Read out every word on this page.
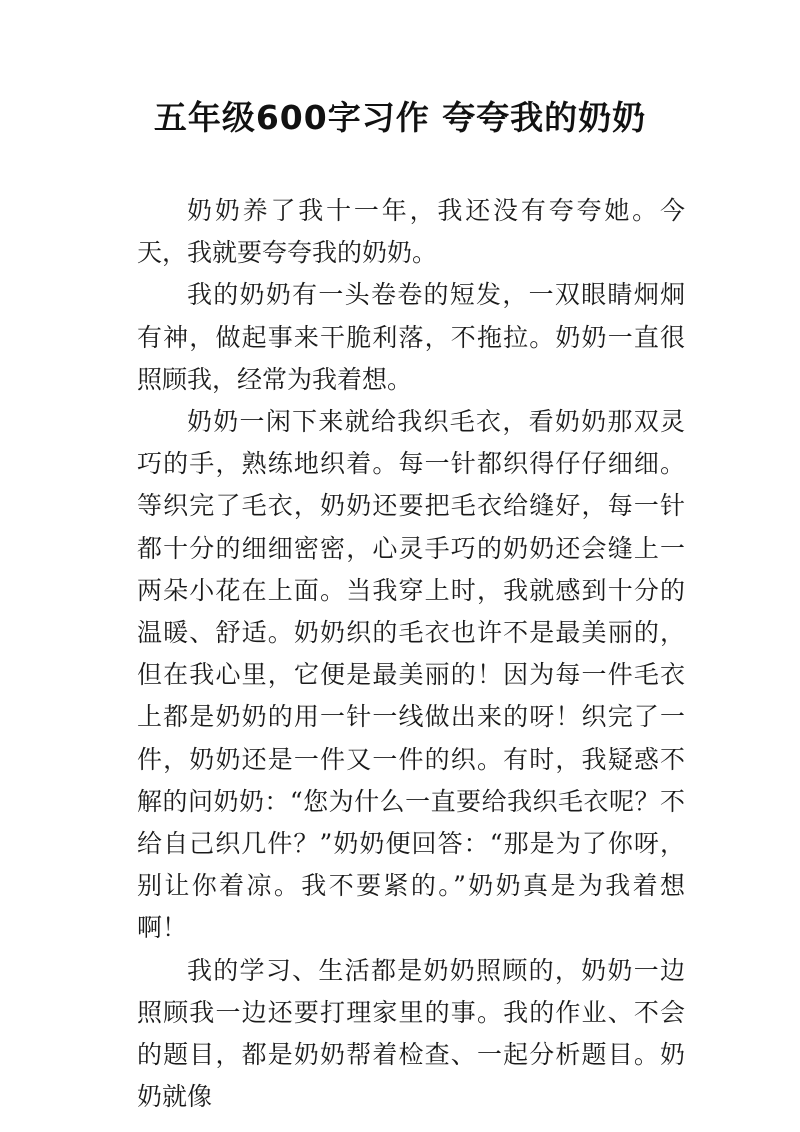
五年级600字习作 夸夸我的奶奶

奶奶养了我十一年，我还没有夸夸她。今天，我就要夸夸我的奶奶。

我的奶奶有一头卷卷的短发，一双眼睛炯炯有神，做起事来干脆利落，不拖拉。奶奶一直很照顾我，经常为我着想。

奶奶一闲下来就给我织毛衣，看奶奶那双灵巧的手，熟练地织着。每一针都织得仔仔细细。等织完了毛衣，奶奶还要把毛衣给缝好，每一针都十分的细细密密，心灵手巧的奶奶还会缝上一两朵小花在上面。当我穿上时，我就感到十分的温暖、舒适。奶奶织的毛衣也许不是最美丽的，但在我心里，它便是最美丽的！因为每一件毛衣上都是奶奶的用一针一线做出来的呀！织完了一件，奶奶还是一件又一件的织。有时，我疑惑不解的问奶奶：“您为什么一直要给我织毛衣呢？不给自己织几件？”奶奶便回答：“那是为了你呀，别让你着凉。我不要紧的。”奶奶真是为我着想啊！

我的学习、生活都是奶奶照顾的，奶奶一边照顾我一边还要打理家里的事。我的作业、不会的题目，都是奶奶帮着检查、一起分析题目。奶奶就像
